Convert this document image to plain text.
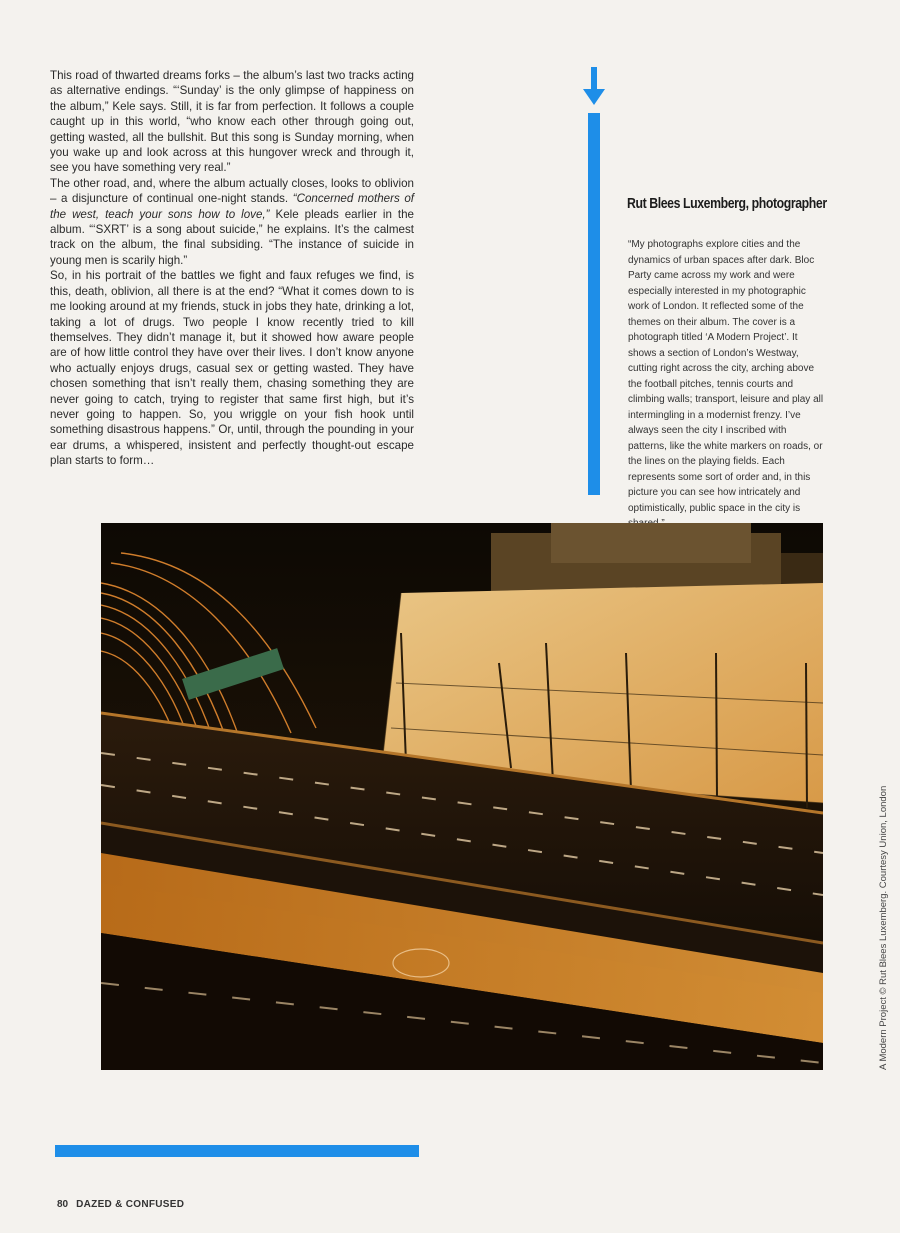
This road of thwarted dreams forks – the album’s last two tracks acting as alternative endings. “‘Sunday’ is the only glimpse of happiness on the album,” Kele says. Still, it is far from perfection. It follows a couple caught up in this world, “who know each other through going out, getting wasted, all the bullshit. But this song is Sunday morning, when you wake up and look across at this hungover wreck and through it, see you have something very real.”

The other road, and, where the album actually closes, looks to oblivion – a disjuncture of continual one-night stands. “Concerned mothers of the west, teach your sons how to love,” Kele pleads earlier in the album. “‘SXRT’ is a song about suicide,” he explains. It’s the calmest track on the album, the final subsiding. “The instance of suicide in young men is scarily high.”

So, in his portrait of the battles we fight and faux refuges we find, is this, death, oblivion, all there is at the end? “What it comes down to is me looking around at my friends, stuck in jobs they hate, drinking a lot, taking a lot of drugs. Two people I know recently tried to kill themselves. They didn’t manage it, but it showed how aware people are of how little control they have over their lives. I don’t know anyone who actually enjoys drugs, casual sex or getting wasted. They have chosen something that isn’t really them, chasing something they are never going to catch, trying to register that same first high, but it’s never going to happen. So, you wriggle on your fish hook until something disastrous happens.” Or, until, through the pounding in your ear drums, a whispered, insistent and perfectly thought-out escape plan starts to form…

Rut Blees Luxemberg, photographer

“My photographs explore cities and the dynamics of urban spaces after dark. Bloc Party came across my work and were especially interested in my photographic work of London. It reflected some of the themes on their album. The cover is a photograph titled ‘A Modern Project’. It shows a section of London’s Westway, cutting right across the city, arching above the football pitches, tennis courts and climbing walls; transport, leisure and play all intermingling in a modernist frenzy. I’ve always seen the city I inscribed with patterns, like the white markers on roads, or the lines on the playing fields. Each represents some sort of order and, in this picture you can see how intricately and optimistically, public space in the city is

A Modern Project © Rut Blees Luxemberg. Courtesy Union, London
80 DAZED & CONFUSED
